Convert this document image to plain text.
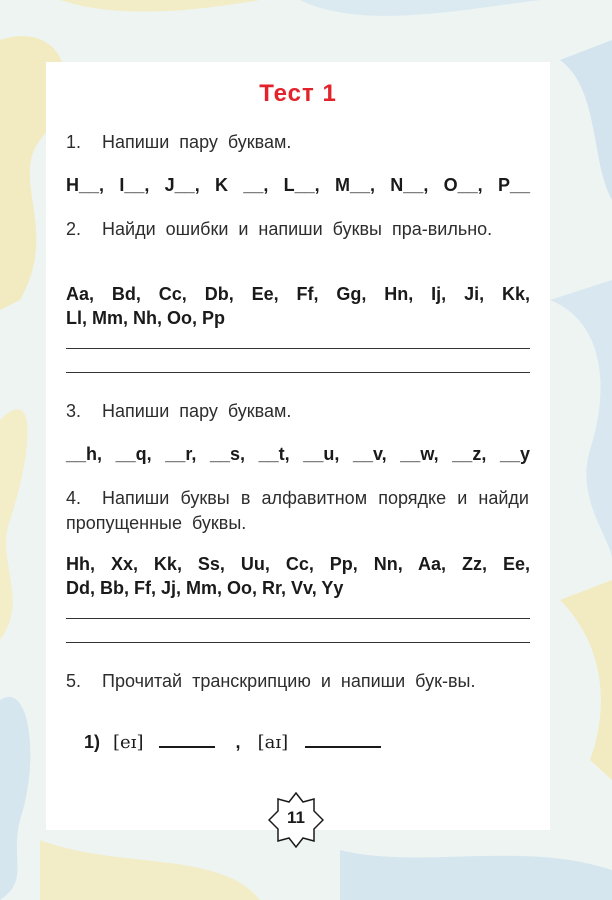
Тест 1
1. Напиши пару буквам.
H__, I__, J__, K __, L__, M__, N__, O__, P__
2. Найди ошибки и напиши буквы пра-вильно.
Aa, Bd, Cc, Db, Ee, Ff, Gg, Hn, Ij, Ji, Kk,
Ll, Mm, Nh, Oo, Pp
3. Напиши пару буквам.
__h, __q, __r, __s, __t, __u, __v, __w, __z, __y
4. Напиши буквы в алфавитном порядке и найди пропущенные буквы.
Hh, Xx, Kk, Ss, Uu, Cc, Pp, Nn, Aa, Zz, Ee,
Dd, Bb, Ff, Jj, Mm, Oo, Rr, Vv, Yy
5. Прочитай транскрипцию и напиши бук-вы.
1) [eɪ]	, [aɪ]
11
